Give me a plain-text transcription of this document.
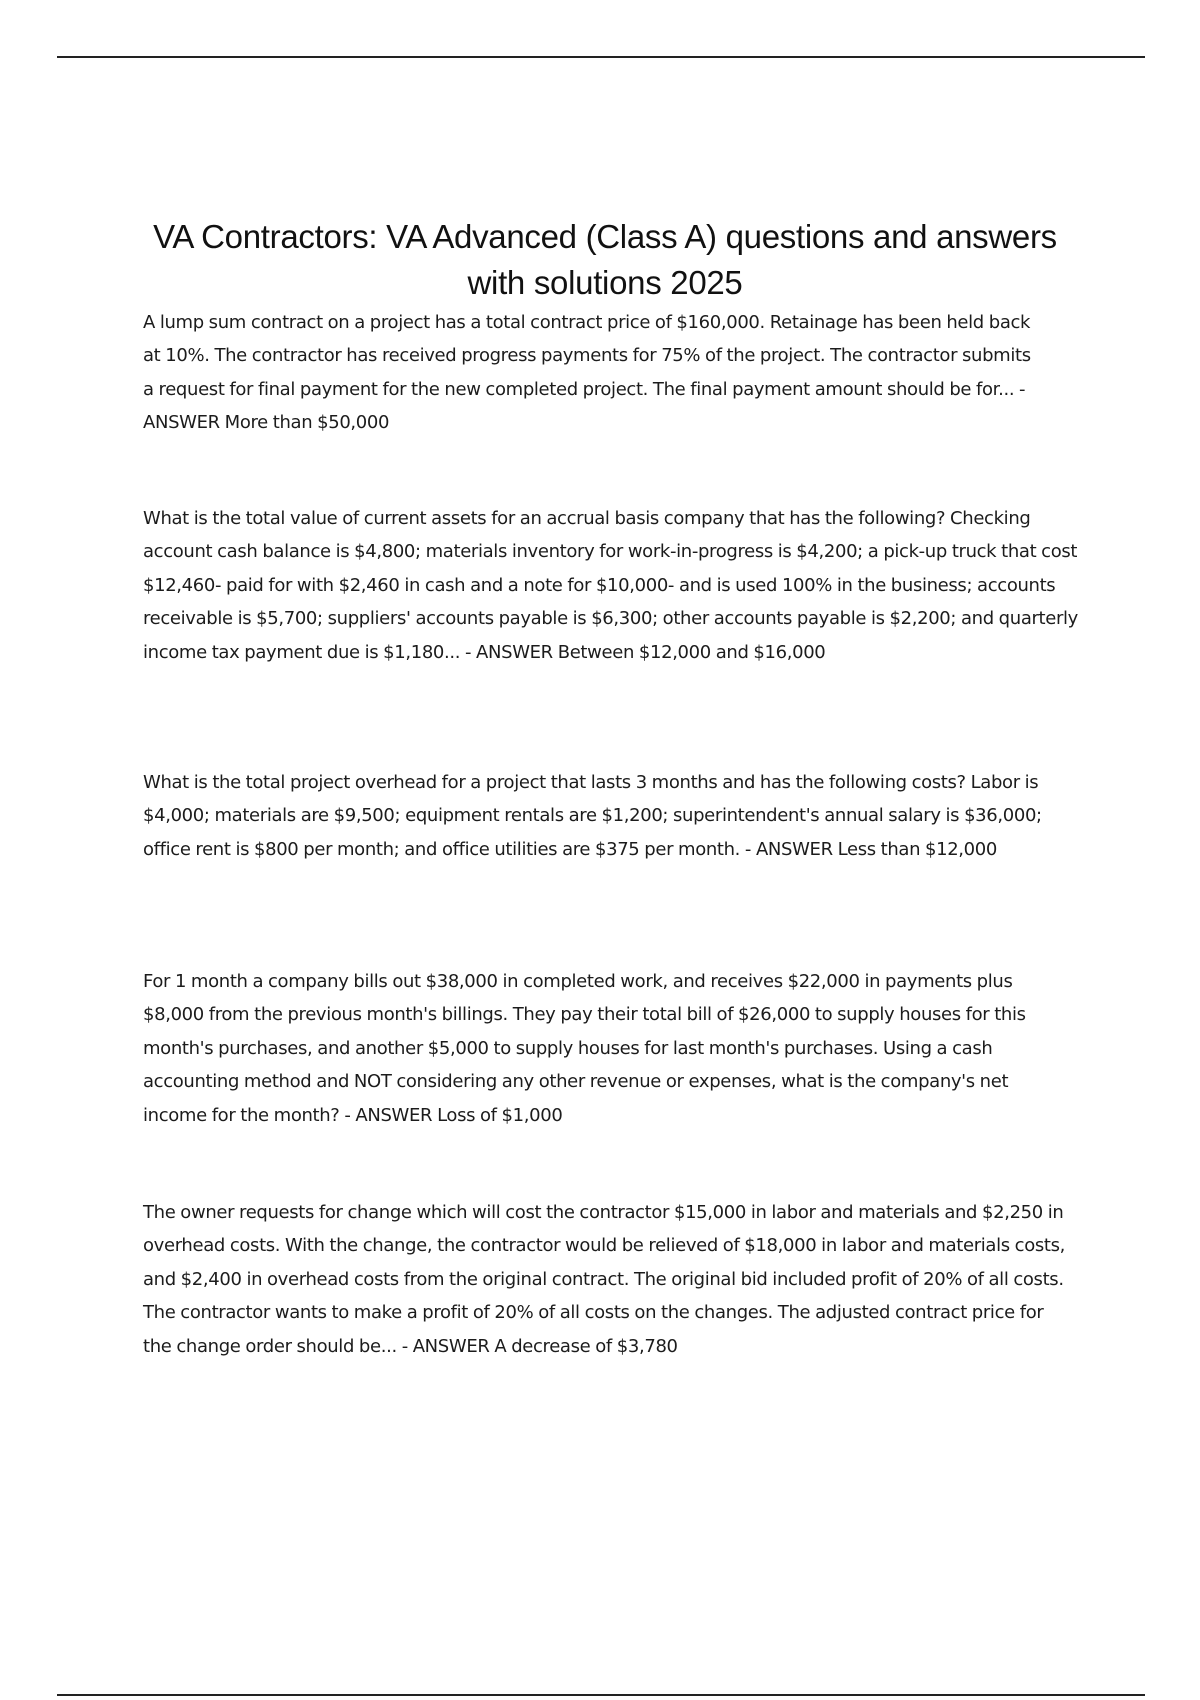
VA Contractors: VA Advanced (Class A) questions and answers with solutions 2025

A lump sum contract on a project has a total contract price of $160,000. Retainage has been held back at 10%. The contractor has received progress payments for 75% of the project. The contractor submits a request for final payment for the new completed project. The final payment amount should be for... - ANSWER More than $50,000

What is the total value of current assets for an accrual basis company that has the following? Checking account cash balance is $4,800; materials inventory for work-in-progress is $4,200; a pick-up truck that cost $12,460- paid for with $2,460 in cash and a note for $10,000- and is used 100% in the business; accounts receivable is $5,700; suppliers' accounts payable is $6,300; other accounts payable is $2,200; and quarterly income tax payment due is $1,180... - ANSWER Between $12,000 and $16,000

What is the total project overhead for a project that lasts 3 months and has the following costs? Labor is $4,000; materials are $9,500; equipment rentals are $1,200; superintendent's annual salary is $36,000; office rent is $800 per month; and office utilities are $375 per month. - ANSWER Less than $12,000

For 1 month a company bills out $38,000 in completed work, and receives $22,000 in payments plus $8,000 from the previous month's billings. They pay their total bill of $26,000 to supply houses for this month's purchases, and another $5,000 to supply houses for last month's purchases. Using a cash accounting method and NOT considering any other revenue or expenses, what is the company's net income for the month? - ANSWER Loss of $1,000

The owner requests for change which will cost the contractor $15,000 in labor and materials and $2,250 in overhead costs. With the change, the contractor would be relieved of $18,000 in labor and materials costs, and $2,400 in overhead costs from the original contract. The original bid included profit of 20% of all costs. The contractor wants to make a profit of 20% of all costs on the changes. The adjusted contract price for the change order should be... - ANSWER A decrease of $3,780
